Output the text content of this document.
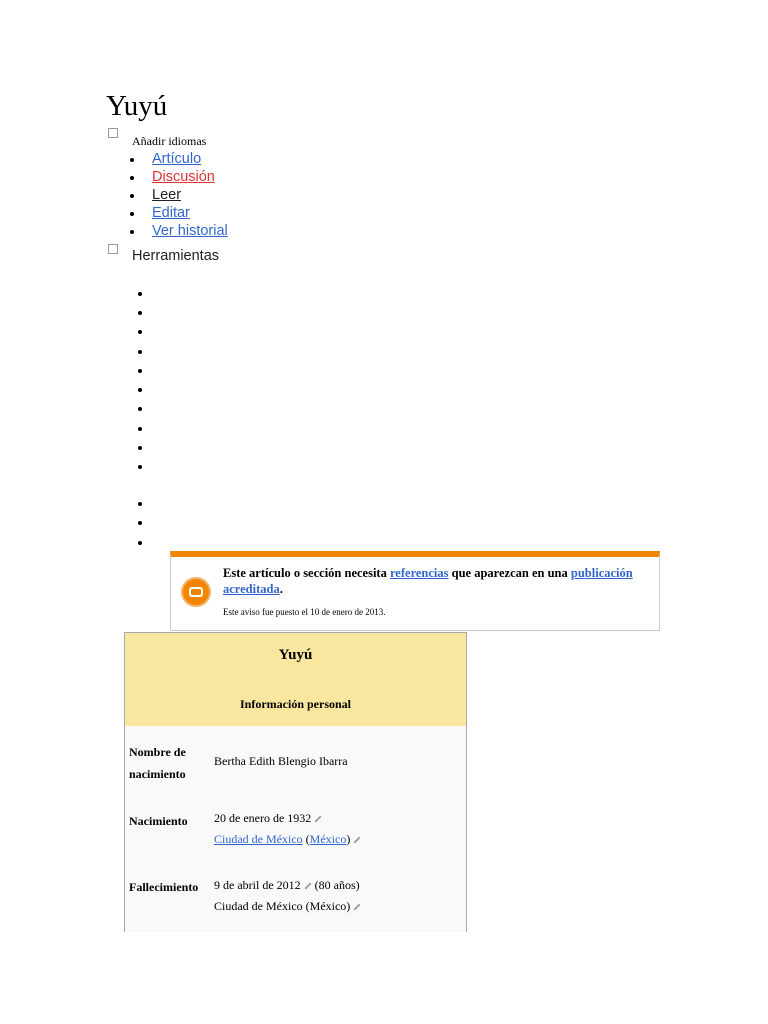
Yuyú
Añadir idiomas
Artículo
Discusión
Leer
Editar
Ver historial
Herramientas
Este artículo o sección necesita referencias que aparezcan en una publicación acreditada.
Este aviso fue puesto el 10 de enero de 2013.
Yuyú
Información personal
Nombre de
nacimiento
Bertha Edith Blengio Ibarra
Nacimiento 20 de enero de 1932
Ciudad de México (México)
Fallecimiento 9 de abril de 2012 (80 años)
Ciudad de México (México)
